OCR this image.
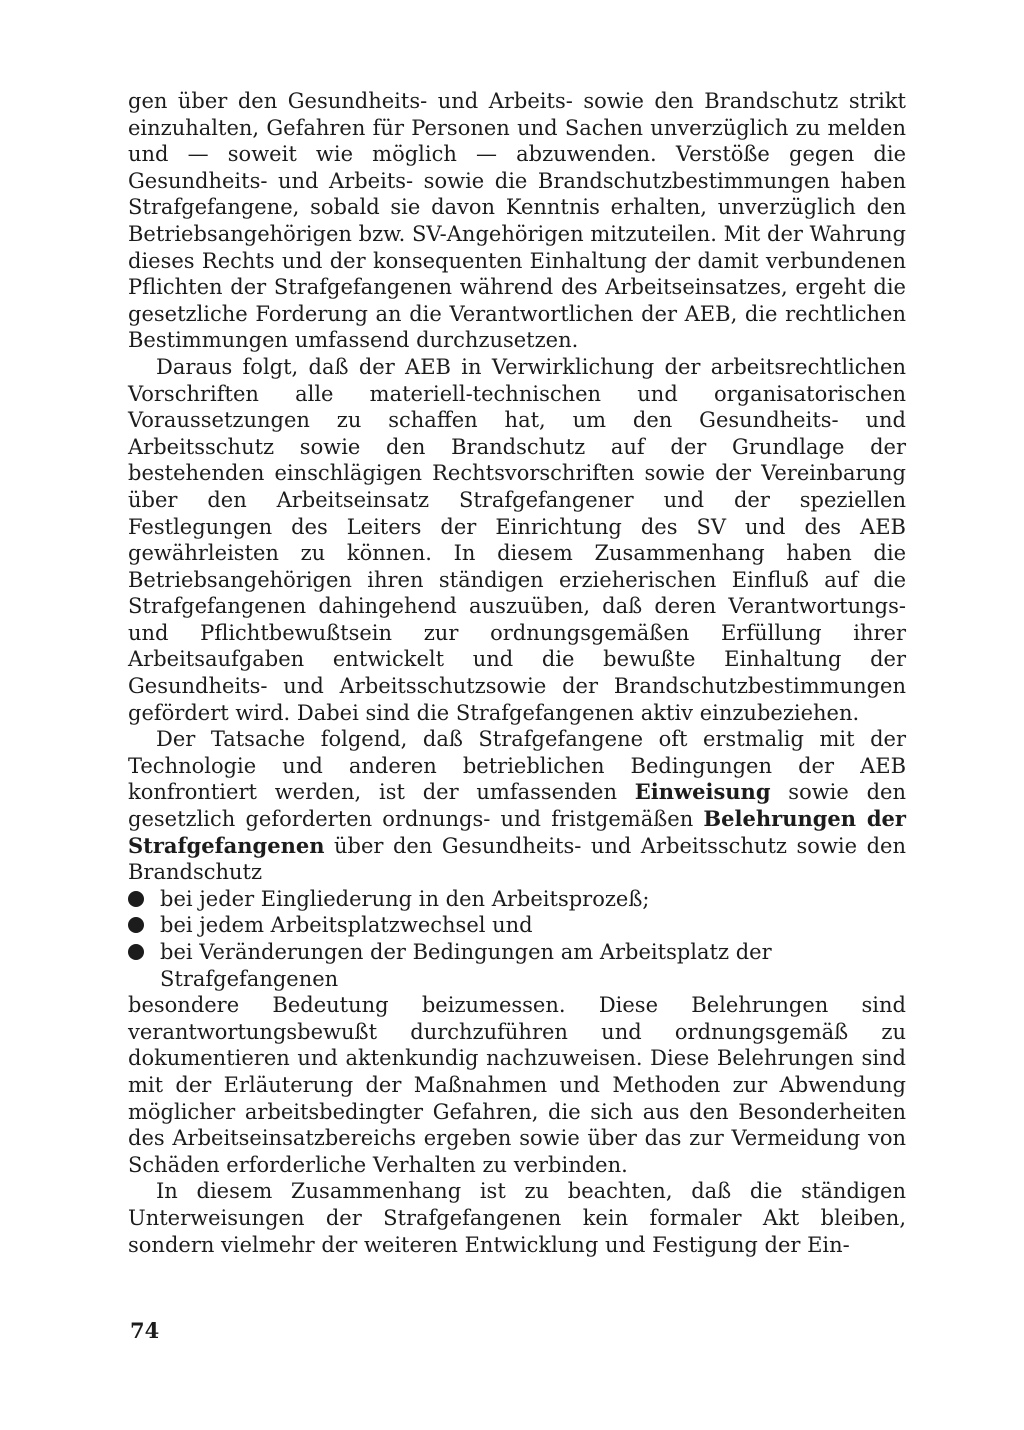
gen über den Gesundheits- und Arbeits- sowie den Brandschutz strikt einzuhalten, Gefahren für Personen und Sachen unverzüglich zu melden und — soweit wie möglich — abzuwenden. Verstöße gegen die Gesundheits- und Arbeits- sowie die Brandschutzbestimmungen haben Strafgefangene, sobald sie davon Kenntnis erhalten, unverzüglich den Betriebsangehörigen bzw. SV-Angehörigen mitzuteilen. Mit der Wahrung dieses Rechts und der konsequenten Einhaltung der damit verbundenen Pflichten der Strafgefangenen während des Arbeitseinsatzes, ergeht die gesetzliche Forderung an die Verantwortlichen der AEB, die rechtlichen Bestimmungen umfassend durchzusetzen.

Daraus folgt, daß der AEB in Verwirklichung der arbeitsrechtlichen Vorschriften alle materiell-technischen und organisatorischen Voraussetzungen zu schaffen hat, um den Gesundheits- und Arbeitsschutz sowie den Brandschutz auf der Grundlage der bestehenden einschlägigen Rechtsvorschriften sowie der Vereinbarung über den Arbeitseinsatz Strafgefangener und der speziellen Festlegungen des Leiters der Einrichtung des SV und des AEB gewährleisten zu können. In diesem Zusammenhang haben die Betriebsangehörigen ihren ständigen erzieherischen Einfluß auf die Strafgefangenen dahingehend auszuüben, daß deren Verantwortungs- und Pflichtbewußtsein zur ordnungsgemäßen Erfüllung ihrer Arbeitsaufgaben entwickelt und die bewußte Einhaltung der Gesundheits- und Arbeitsschutzsowie der Brandschutzbestimmungen gefördert wird. Dabei sind die Strafgefangenen aktiv einzubeziehen.

Der Tatsache folgend, daß Strafgefangene oft erstmalig mit der Technologie und anderen betrieblichen Bedingungen der AEB konfrontiert werden, ist der umfassenden Einweisung sowie den gesetzlich geforderten ordnungs- und fristgemäßen Belehrungen der Strafgefangenen über den Gesundheits- und Arbeitsschutz sowie den Brandschutz

bei jeder Eingliederung in den Arbeitsprozeß;
bei jedem Arbeitsplatzwechsel und
bei Veränderungen der Bedingungen am Arbeitsplatz der Strafgefangenen

besondere Bedeutung beizumessen. Diese Belehrungen sind verantwortungsbewußt durchzuführen und ordnungsgemäß zu dokumentieren und aktenkundig nachzuweisen. Diese Belehrungen sind mit der Erläuterung der Maßnahmen und Methoden zur Abwendung möglicher arbeitsbedingter Gefahren, die sich aus den Besonderheiten des Arbeitseinsatzbereichs ergeben sowie über das zur Vermeidung von Schäden erforderliche Verhalten zu verbinden.

In diesem Zusammenhang ist zu beachten, daß die ständigen Unterweisungen der Strafgefangenen kein formaler Akt bleiben, sondern vielmehr der weiteren Entwicklung und Festigung der Ein-

74
